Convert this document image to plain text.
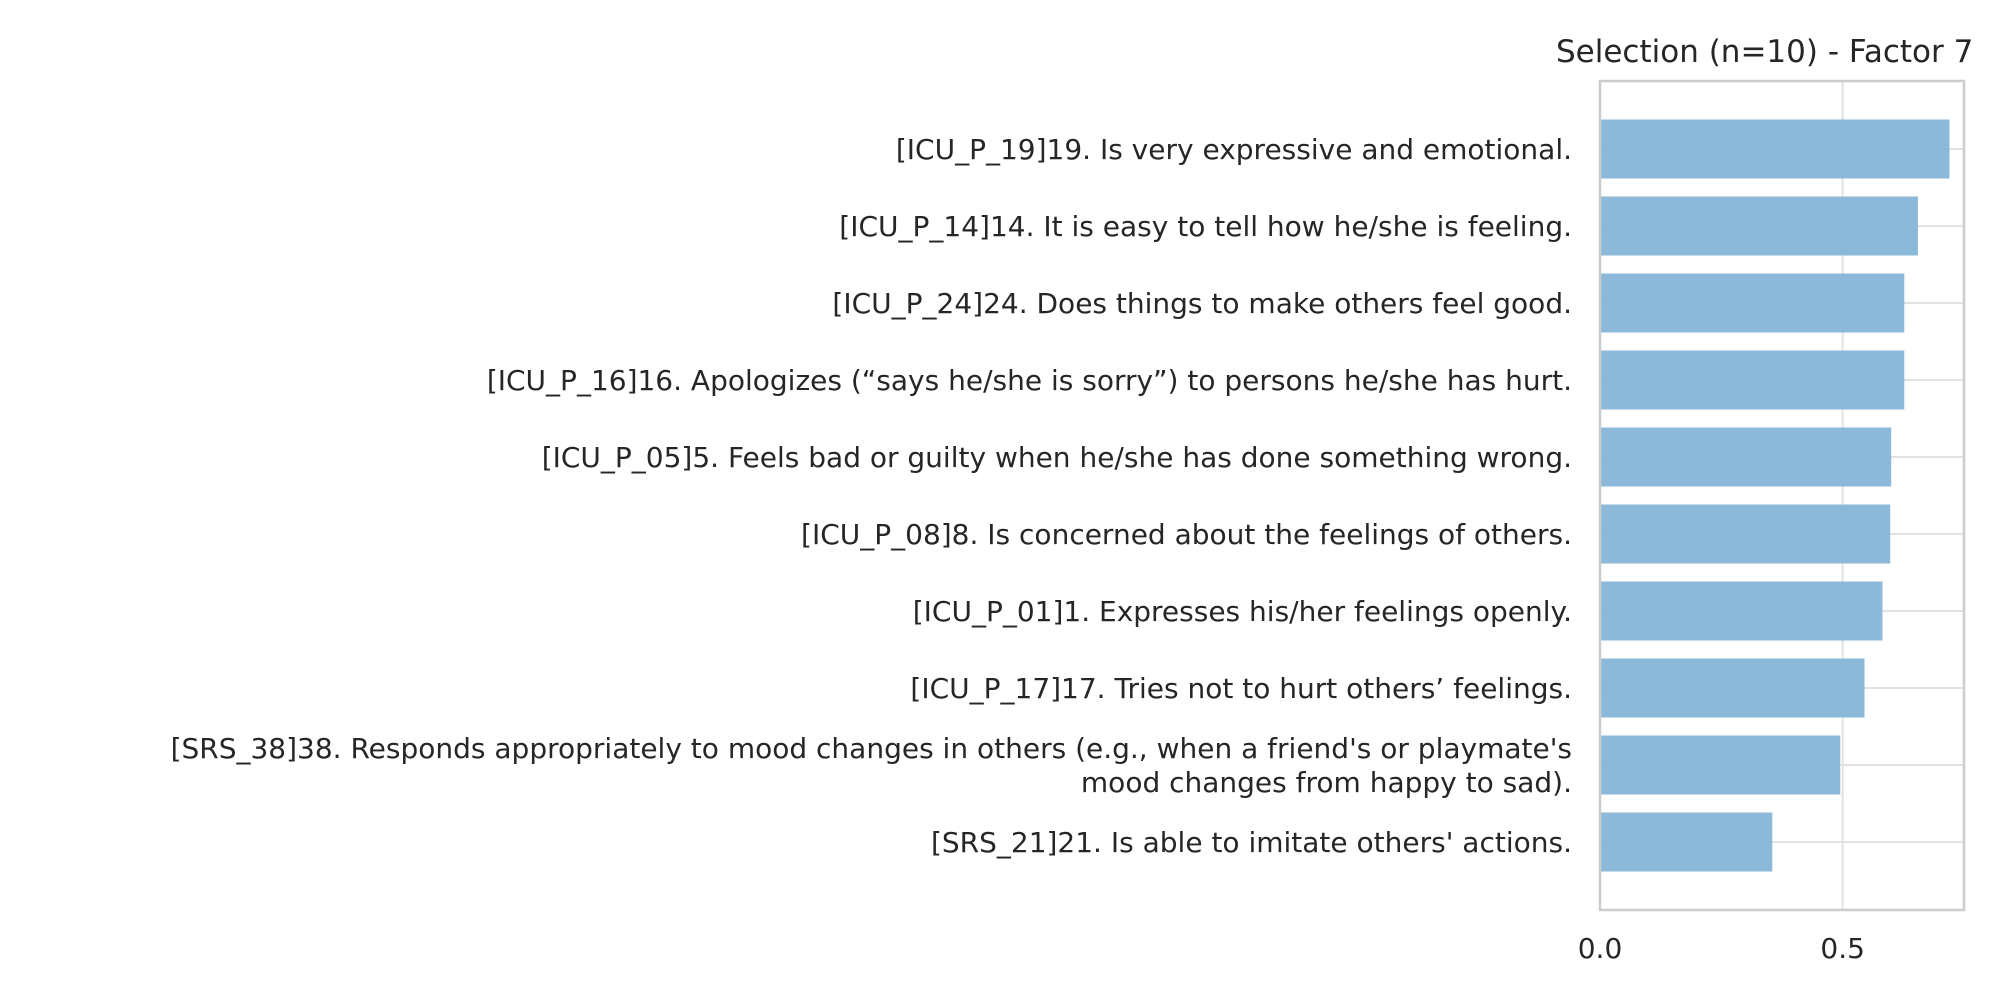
Selection (n=10) - Factor 7
[ICU_P_19]19. Is very expressive and emotional.
[ICU_P_14]14. It is easy to tell how he/she is feeling.
[ICU_P_24]24. Does things to make others feel good.
[ICU_P_16]16. Apologizes (“says he/she is sorry”) to persons he/she has hurt.
[ICU_P_05]5. Feels bad or guilty when he/she has done something wrong.
[ICU_P_08]8. Is concerned about the feelings of others.
[ICU_P_01]1. Expresses his/her feelings openly.
[ICU_P_17]17. Tries not to hurt others’ feelings.
[SRS_38]38. Responds appropriately to mood changes in others (e.g., when a friend's or playmate's mood changes from happy to sad).
[SRS_21]21. Is able to imitate others' actions.
0.0	0.5
